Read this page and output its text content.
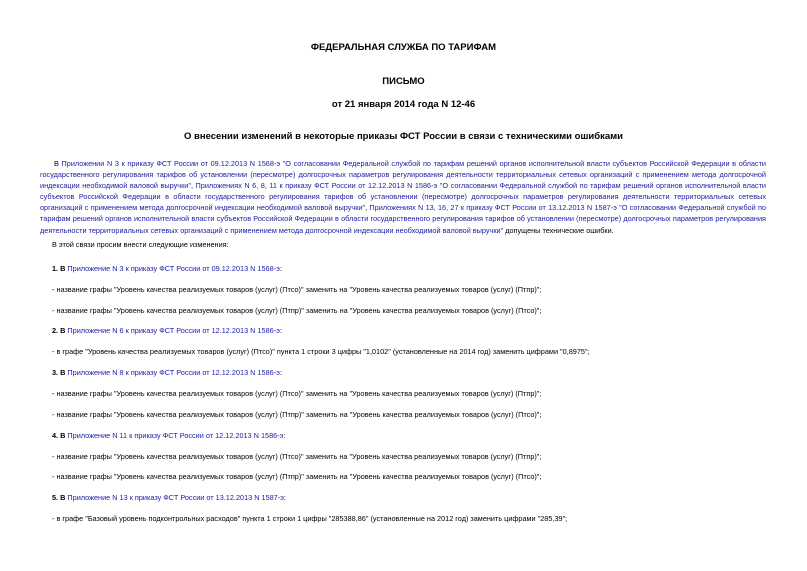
ФЕДЕРАЛЬНАЯ СЛУЖБА ПО ТАРИФАМ
ПИСЬМО
от 21 января 2014 года N 12-46
О внесении изменений в некоторые приказы ФСТ России в связи с техническими ошибками
В Приложении N 3 к приказу ФСТ России от 09.12.2013 N 1568-э "О согласовании Федеральной службой по тарифам решений органов исполнительной власти субъектов Российской Федерации в области государственного регулирования тарифов об установлении (пересмотре) долгосрочных параметров регулирования деятельности территориальных сетевых организаций с применением метода долгосрочной индексации необходимой валовой выручки", Приложениях N 6, 8, 11 к приказу ФСТ России от 12.12.2013 N 1586-э "О согласовании Федеральной службой по тарифам решений органов исполнительной власти субъектов Российской Федерации в области государственного регулирования тарифов об установлении (пересмотре) долгосрочных параметров регулирования деятельности территориальных сетевых организаций с применением метода долгосрочной индексации необходимой валовой выручки", Приложениях N 13, 16, 27 к приказу ФСТ России от 13.12.2013 N 1587-э "О согласовании Федеральной службой по тарифам решений органов исполнительной власти субъектов Российской Федерации в области государственного регулирования тарифов об установлении (пересмотре) долгосрочных параметров регулирования деятельности территориальных сетевых организаций с применением метода долгосрочной индексации необходимой валовой выручки" допущены технические ошибки.
В этой связи просим внести следующие изменения:
1. В Приложение N 3 к приказу ФСТ России от 09.12.2013 N 1568-э:
- название графы "Уровень качества реализуемых товаров (услуг) (Птсо)" заменить на "Уровень качества реализуемых товаров (услуг) (Птпр)";
- название графы "Уровень качества реализуемых товаров (услуг) (Птпр)" заменить на "Уровень качества реализуемых товаров (услуг) (Птсо)";
2. В Приложение N 6 к приказу ФСТ России от 12.12.2013 N 1586-э:
- в графе "Уровень качества реализуемых товаров (услуг) (Птсо)" пункта 1 строки 3 цифры "1,0102" (установленные на 2014 год) заменить цифрами "0,8975";
3. В Приложение N 8 к приказу ФСТ России от 12.12.2013 N 1586-э:
- название графы "Уровень качества реализуемых товаров (услуг) (Птсо)" заменить на "Уровень качества реализуемых товаров (услуг) (Птпр)";
- название графы "Уровень качества реализуемых товаров (услуг) (Птпр)" заменить на "Уровень качества реализуемых товаров (услуг) (Птсо)";
4. В Приложение N 11 к приказу ФСТ России от 12.12.2013 N 1586-э:
- название графы "Уровень качества реализуемых товаров (услуг) (Птсо)" заменить на "Уровень качества реализуемых товаров (услуг) (Птпр)";
- название графы "Уровень качества реализуемых товаров (услуг) (Птпр)" заменить на "Уровень качества реализуемых товаров (услуг) (Птсо)";
5. В Приложение N 13 к приказу ФСТ России от 13.12.2013 N 1587-э:
- в графе "Базовый уровень подконтрольных расходов" пункта 1 строки 1 цифры "285388,86" (установленные на 2012 год) заменить цифрами "285,39";
